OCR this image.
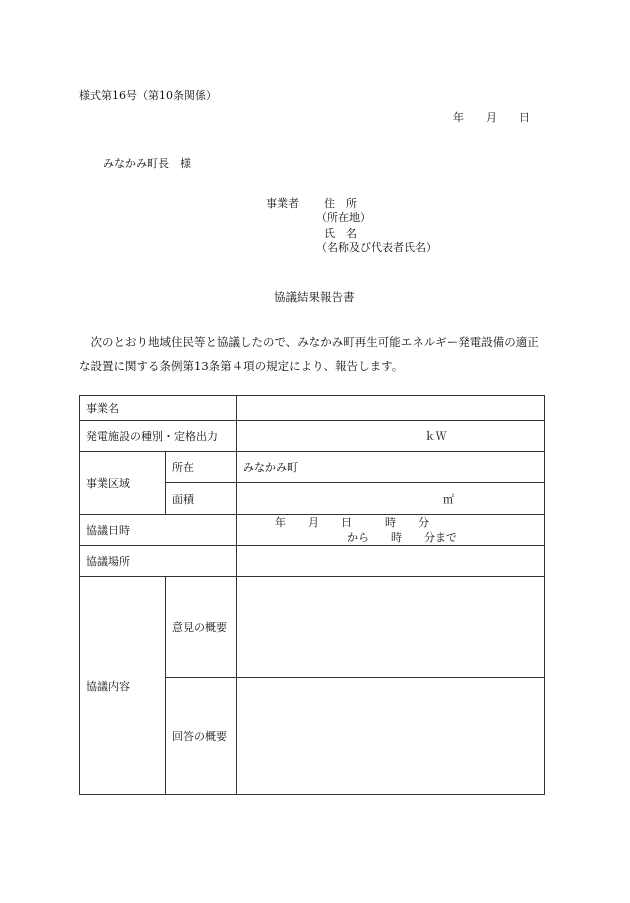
様式第16号（第10条関係）
年　　月　　日
みなかみ町長　様
事業者 住　所
（所在地）
氏　名
（名称及び代表者氏名）
協議結果報告書
　次のとおり地域住民等と協議したので、みなかみ町再生可能エネルギー発電設備の適正な設置に関する条例第13条第４項の規定により、報告します。
事業名		
発電施設の種別・定格出力		ｋＷ
事業区域	所在	みなかみ町
	面積	㎡
協議日時		年　　月　　日　　　時　　分
から　　時　　分まで

協議場所		
協議内容	意見の概要	
	回答の概要	
